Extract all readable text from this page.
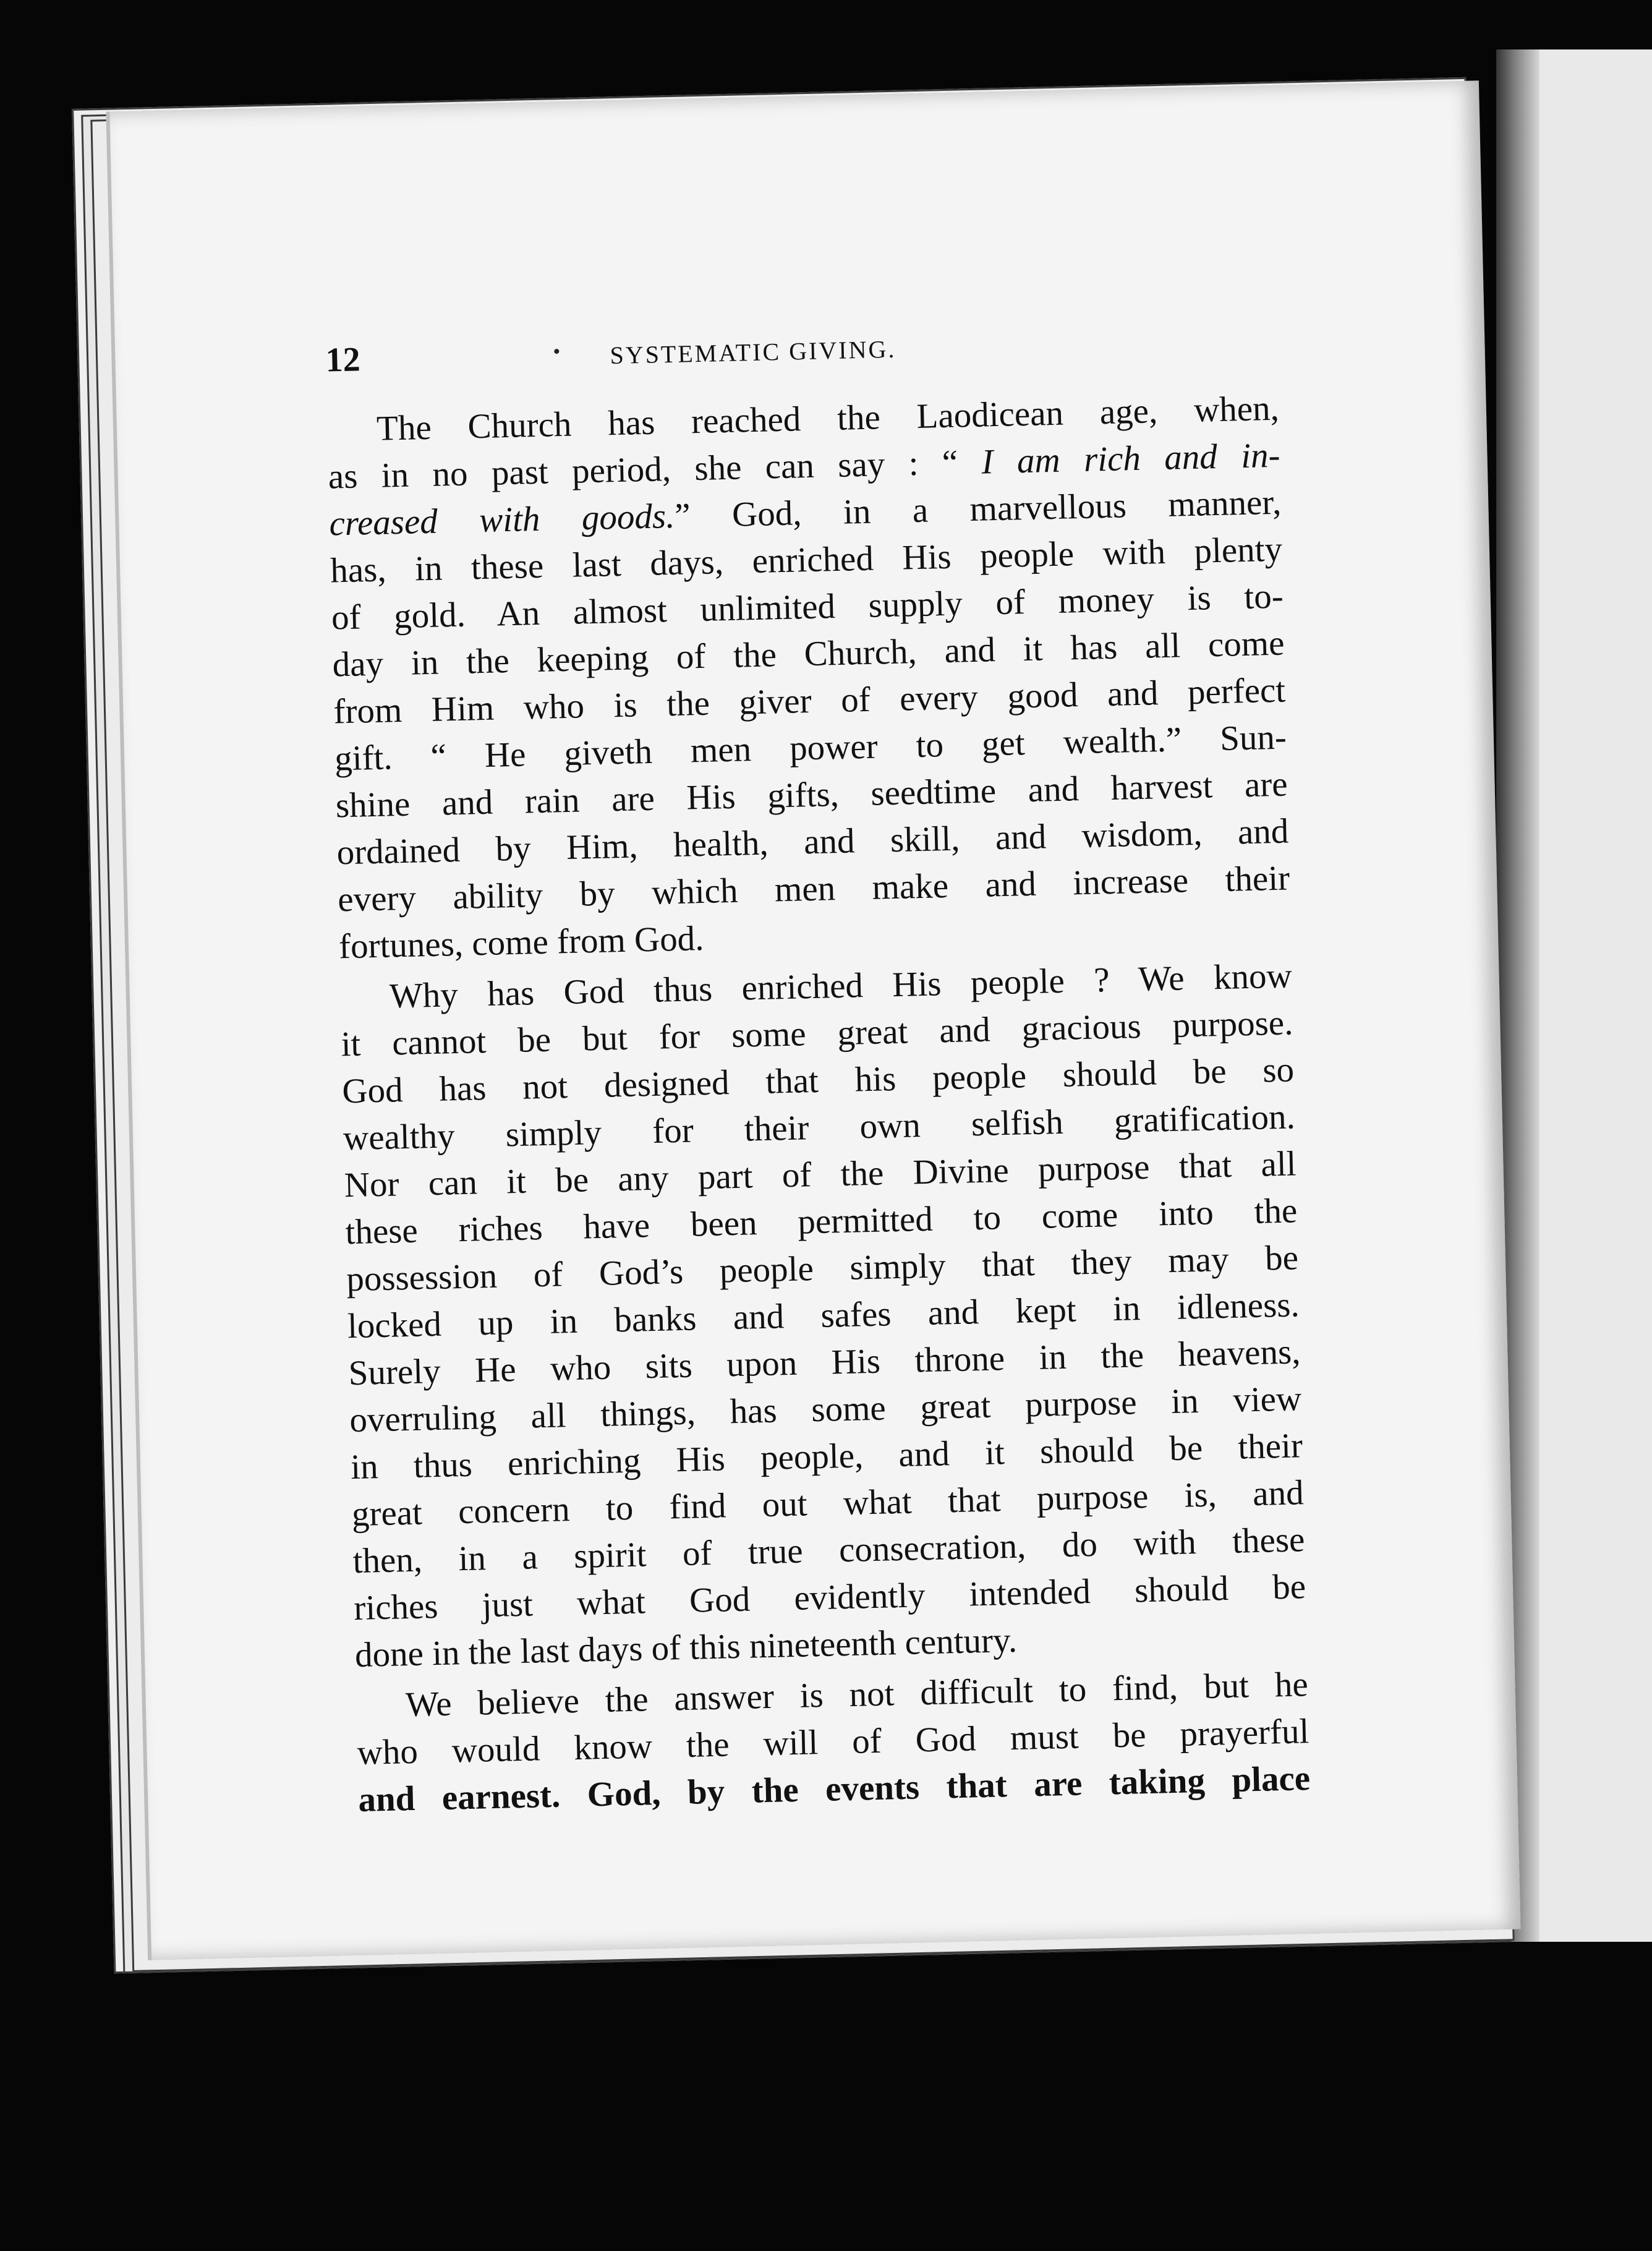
12	SYSTEMATIC GIVING.
The Church has reached the Laodicean age, when,
as in no past period, she can say : “ I am rich and in-
creased with goods.” God, in a marvellous manner,
has, in these last days, enriched His people with plenty
of gold. An almost unlimited supply of money is to-
day in the keeping of the Church, and it has all come
from Him who is the giver of every good and perfect
gift. “ He giveth men power to get wealth.” Sun-
shine and rain are His gifts, seedtime and harvest are
ordained by Him, health, and skill, and wisdom, and
every ability by which men make and increase their
fortunes, come from God.
Why has God thus enriched His people ? We know
it cannot be but for some great and gracious purpose.
God has not designed that his people should be so
wealthy simply for their own selfish gratification.
Nor can it be any part of the Divine purpose that all
these riches have been permitted to come into the
possession of God’s people simply that they may be
locked up in banks and safes and kept in idleness.
Surely He who sits upon His throne in the heavens,
overruling all things, has some great purpose in view
in thus enriching His people, and it should be their
great concern to find out what that purpose is, and
then, in a spirit of true consecration, do with these
riches just what God evidently intended should be
done in the last days of this nineteenth century.
We believe the answer is not difficult to find, but he
who would know the will of God must be prayerful
and earnest. God, by the events that are taking place
